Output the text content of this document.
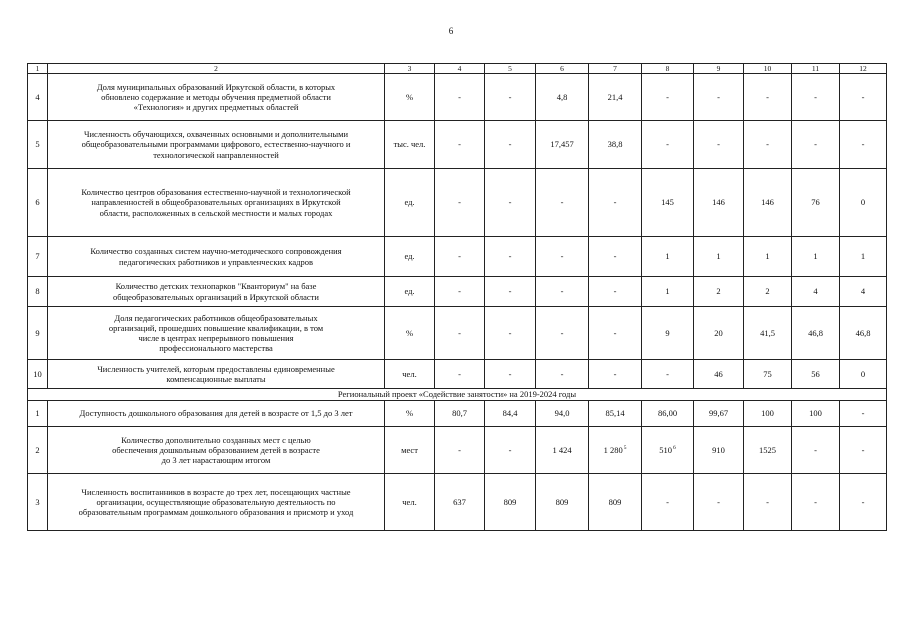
6
1	2	3	4	5	6	7	8	9	10	11	12
4	Доля муниципальных образований Иркутской области, в которых
обновлено содержание и методы обучения предметной области
«Технология» и других предметных областей	%	-	-	4,8	21,4	-	-	-	-	-
5	Численность обучающихся, охваченных основными и дополнительными
общеобразовательными программами цифрового, естественно-научного и
технологической направленностей	тыс. чел.	-	-	17,457	38,8	-	-	-	-	-
6	Количество центров образования естественно-научной и технологической
направленностей в общеобразовательных организациях в Иркутской
области, расположенных в сельской местности и малых городах	ед.	-	-	-	-	145	146	146	76	0
7	Количество созданных систем научно-методического сопровождения
педагогических работников и управленческих кадров	ед.	-	-	-	-	1	1	1	1	1
8	Количество детских технопарков "Кванториум" на базе
общеобразовательных организаций в Иркутской области	ед.	-	-	-	-	1	2	2	4	4
9	Доля педагогических работников общеобразовательных
организаций, прошедших повышение квалификации, в том
числе в центрах непрерывного повышения
профессионального мастерства	%	-	-	-	-	9	20	41,5	46,8	46,8
10	Численность учителей, которым предоставлены единовременные
компенсационные выплаты	чел.	-	-	-	-	-	46	75	56	0
Региональный проект «Содействие занятости» на 2019-2024 годы											
1	Доступность дошкольного образования для детей в возрасте от 1,5 до 3 лет	%	80,7	84,4	94,0	85,14	86,00	99,67	100	100	-
2	Количество дополнительно созданных мест с целью
обеспечения дошкольным образованием детей в возрасте
до 3 лет нарастающим итогом	мест	-	-	1 424	1 $280^5$	$510^6$	910	1525	-	-
3	Численность воспитанников в возрасте до трех лет, посещающих частные
организации, осуществляющие образовательную деятельность по
образовательным программам дошкольного образования и присмотр и уход	чел.	637	809	809	809	-	-	-	-	-
